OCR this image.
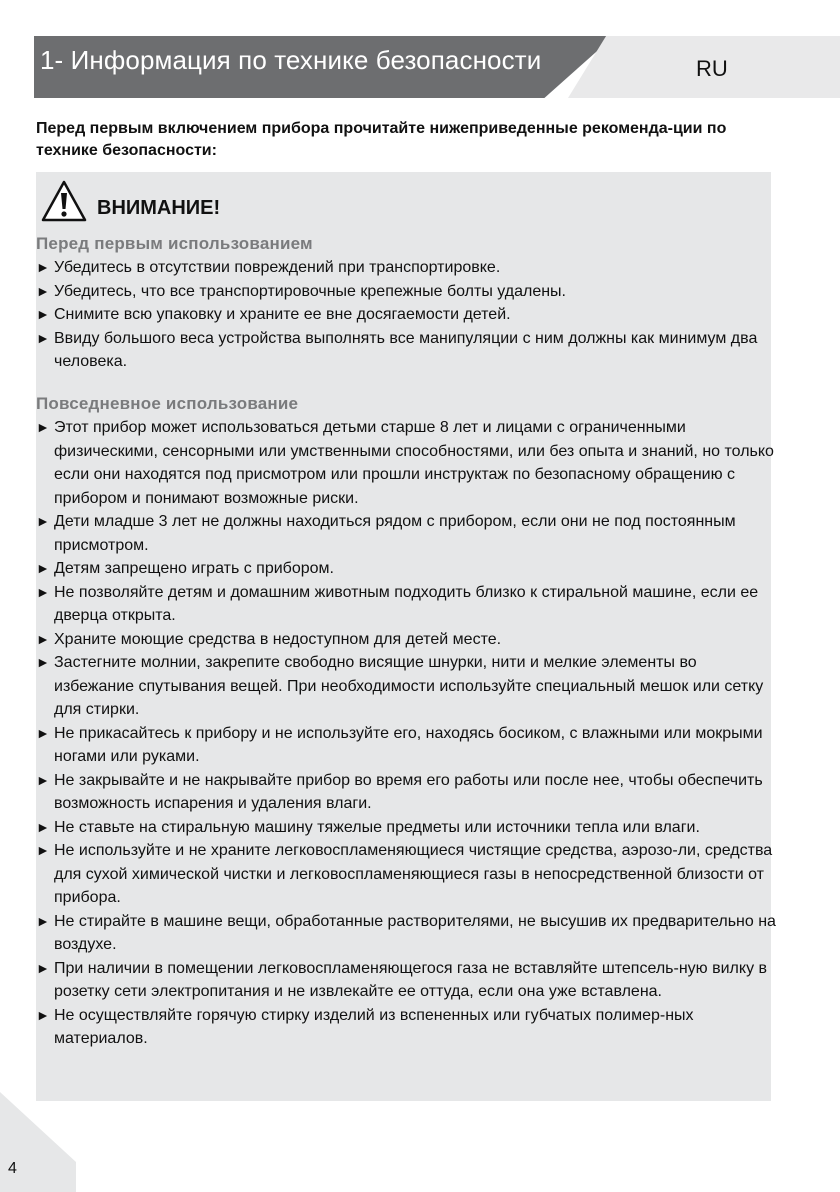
1- Информация по технике безопасности	RU
Перед первым включением прибора прочитайте нижеприведенные рекоменда-ции по технике безопасности:
ВНИМАНИЕ!
Перед первым использованием
► Убедитесь в отсутствии повреждений при транспортировке.
► Убедитесь, что все транспортировочные крепежные болты удалены.
► Снимите всю упаковку и храните ее вне досягаемости детей.
► Ввиду большого веса устройства выполнять все манипуляции с ним должны как минимум два человека.
Повседневное использование
► Этот прибор может использоваться детьми старше 8 лет и лицами с ограниченными физическими, сенсорными или умственными способностями, или без опыта и знаний, но только если они находятся под присмотром или прошли инструктаж по безопасному обращению с прибором и понимают возможные риски.
► Дети младше 3 лет не должны находиться рядом с прибором, если они не под постоянным присмотром.
► Детям запрещено играть с прибором.
► Не позволяйте детям и домашним животным подходить близко к стиральной машине, если ее дверца открыта.
► Храните моющие средства в недоступном для детей месте.
► Застегните молнии, закрепите свободно висящие шнурки, нити и мелкие элементы во избежание спутывания вещей. При необходимости используйте специальный мешок или сетку для стирки.
► Не прикасайтесь к прибору и не используйте его, находясь босиком, с влажными или мокрыми ногами или руками.
► Не закрывайте и не накрывайте прибор во время его работы или после нее, чтобы обеспечить возможность испарения и удаления влаги.
► Не ставьте на стиральную машину тяжелые предметы или источники тепла или влаги.
► Не используйте и не храните легковоспламеняющиеся чистящие средства, аэрозо-ли, средства для сухой химической чистки и легковоспламеняющиеся газы в непосредственной близости от прибора.
► Не стирайте в машине вещи, обработанные растворителями, не высушив их предварительно на воздухе.
► При наличии в помещении легковоспламеняющегося газа не вставляйте штепсель-ную вилку в розетку сети электропитания и не извлекайте ее оттуда, если она уже вставлена.
► Не осуществляйте горячую стирку изделий из вспененных или губчатых полимер-ных материалов.
4
